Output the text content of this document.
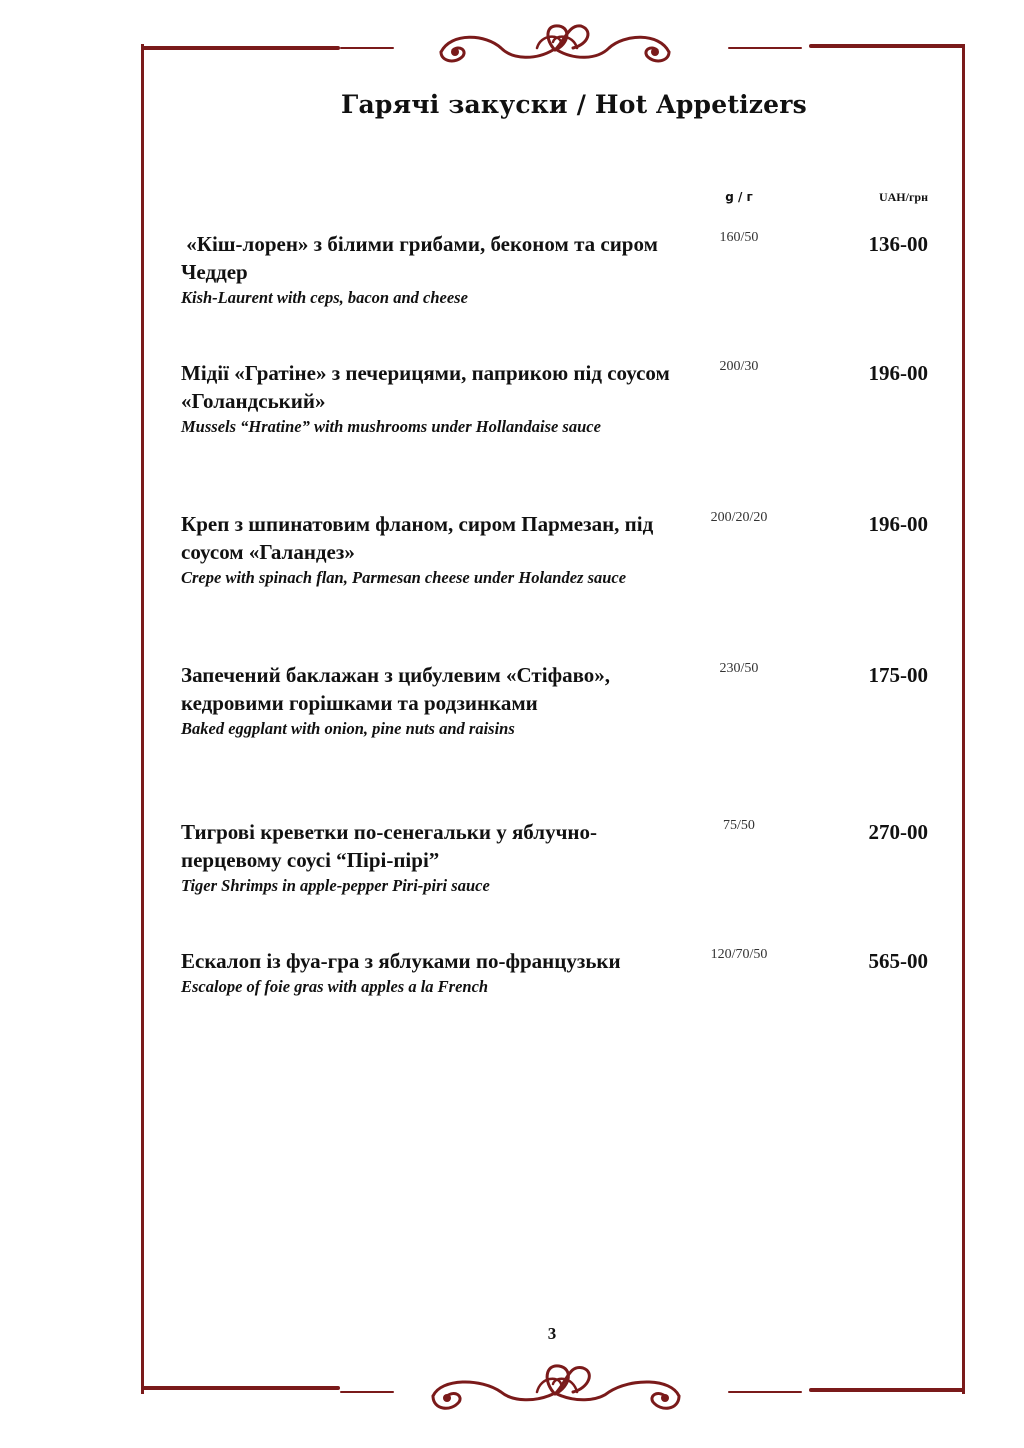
Гарячі закуски / Hot Appetizers
g / г	UAH/грн
«Кіш-лорен» з білими грибами, беконом та сиром Чеддер
Kish-Laurent with ceps, bacon and cheese
160/50	136-00
Мідії «Гратіне» з печерицями, паприкою під соусом «Голандський»
Mussels “Hratine” with mushrooms under Hollandaise sauce
200/30	196-00
Креп з шпинатовим фланом, сиром Пармезан, під соусом «Галандез»
Crepe with spinach flan, Parmesan cheese under Holandez sauce
200/20/20	196-00
Запечений баклажан з цибулевим «Стіфаво», кедровими горішками та родзинками
Baked eggplant with onion, pine nuts and raisins
230/50	175-00
Тигрові креветки по-сенегальки у яблучно-перцевому соусі “Пірі-пірі”
Tiger Shrimps in apple-pepper Piri-piri sauce
75/50	270-00
Ескалоп із фуа-гра з яблуками по-французьки
Escalope of foie gras with apples a la French
120/70/50	565-00
3
